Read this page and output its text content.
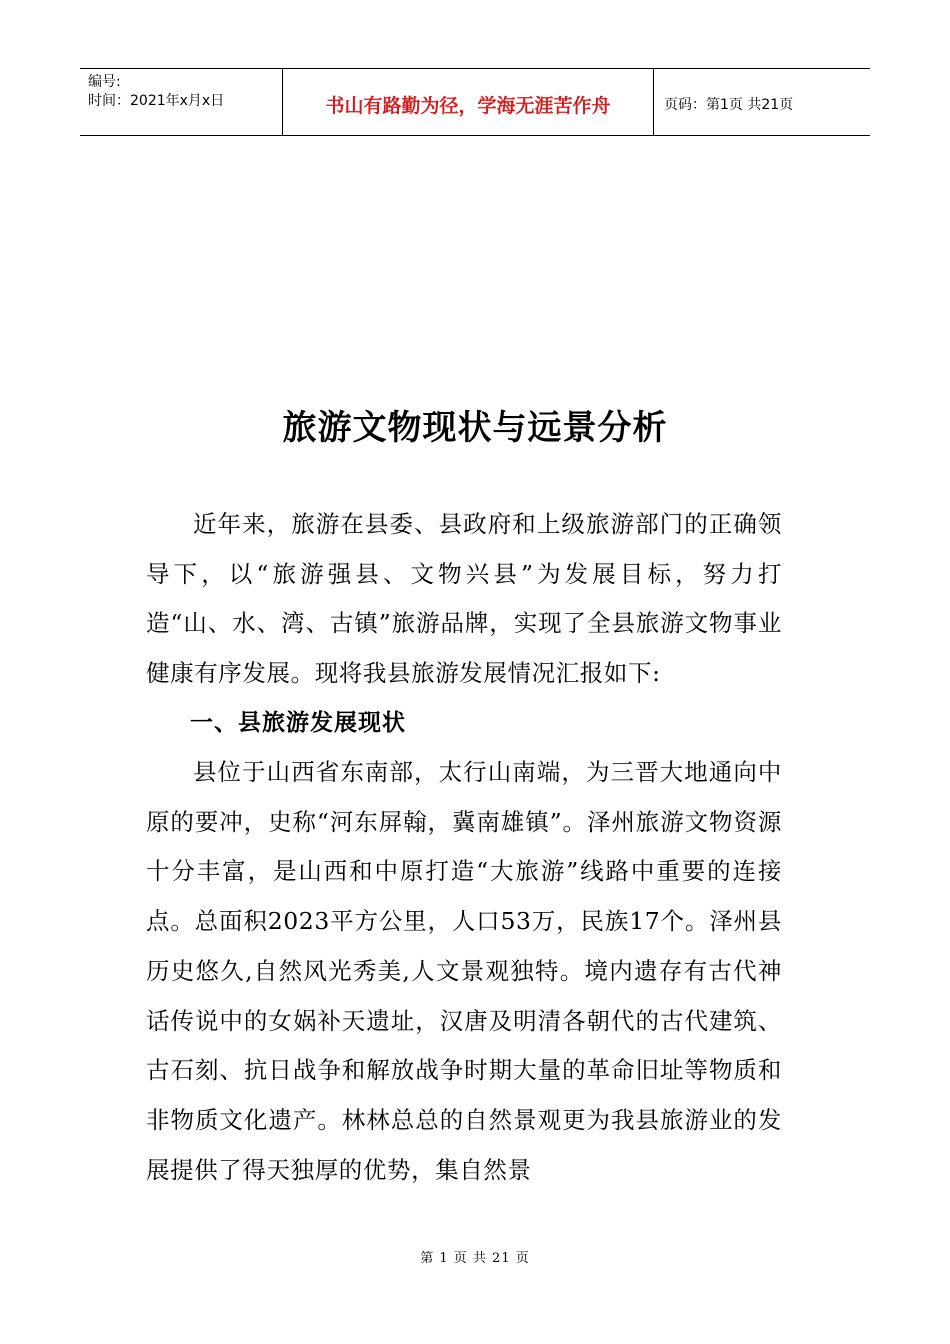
编号:
时间：2021年x月x日	书山有路勤为径，学海无涯苦作舟	页码：第1页 共21页
旅游文物现状与远景分析

近年来，旅游在县委、县政府和上级旅游部门的正确领导下，以“旅游强县、文物兴县”为发展目标，努力打造“山、水、湾、古镇”旅游品牌，实现了全县旅游文物事业健康有序发展。现将我县旅游发展情况汇报如下:

一、县旅游发展现状

县位于山西省东南部，太行山南端，为三晋大地通向中原的要冲，史称“河东屏翰，冀南雄镇”。泽州旅游文物资源十分丰富，是山西和中原打造“大旅游”线路中重要的连接点。总面积2023平方公里，人口53万，民族17个。泽州县历史悠久,自然风光秀美,人文景观独特。境内遗存有古代神话传说中的女娲补天遗址，汉唐及明清各朝代的古代建筑、古石刻、抗日战争和解放战争时期大量的革命旧址等物质和非物质文化遗产。林林总总的自然景观更为我县旅游业的发展提供了得天独厚的优势，集自然景

第 1 页 共 21 页
